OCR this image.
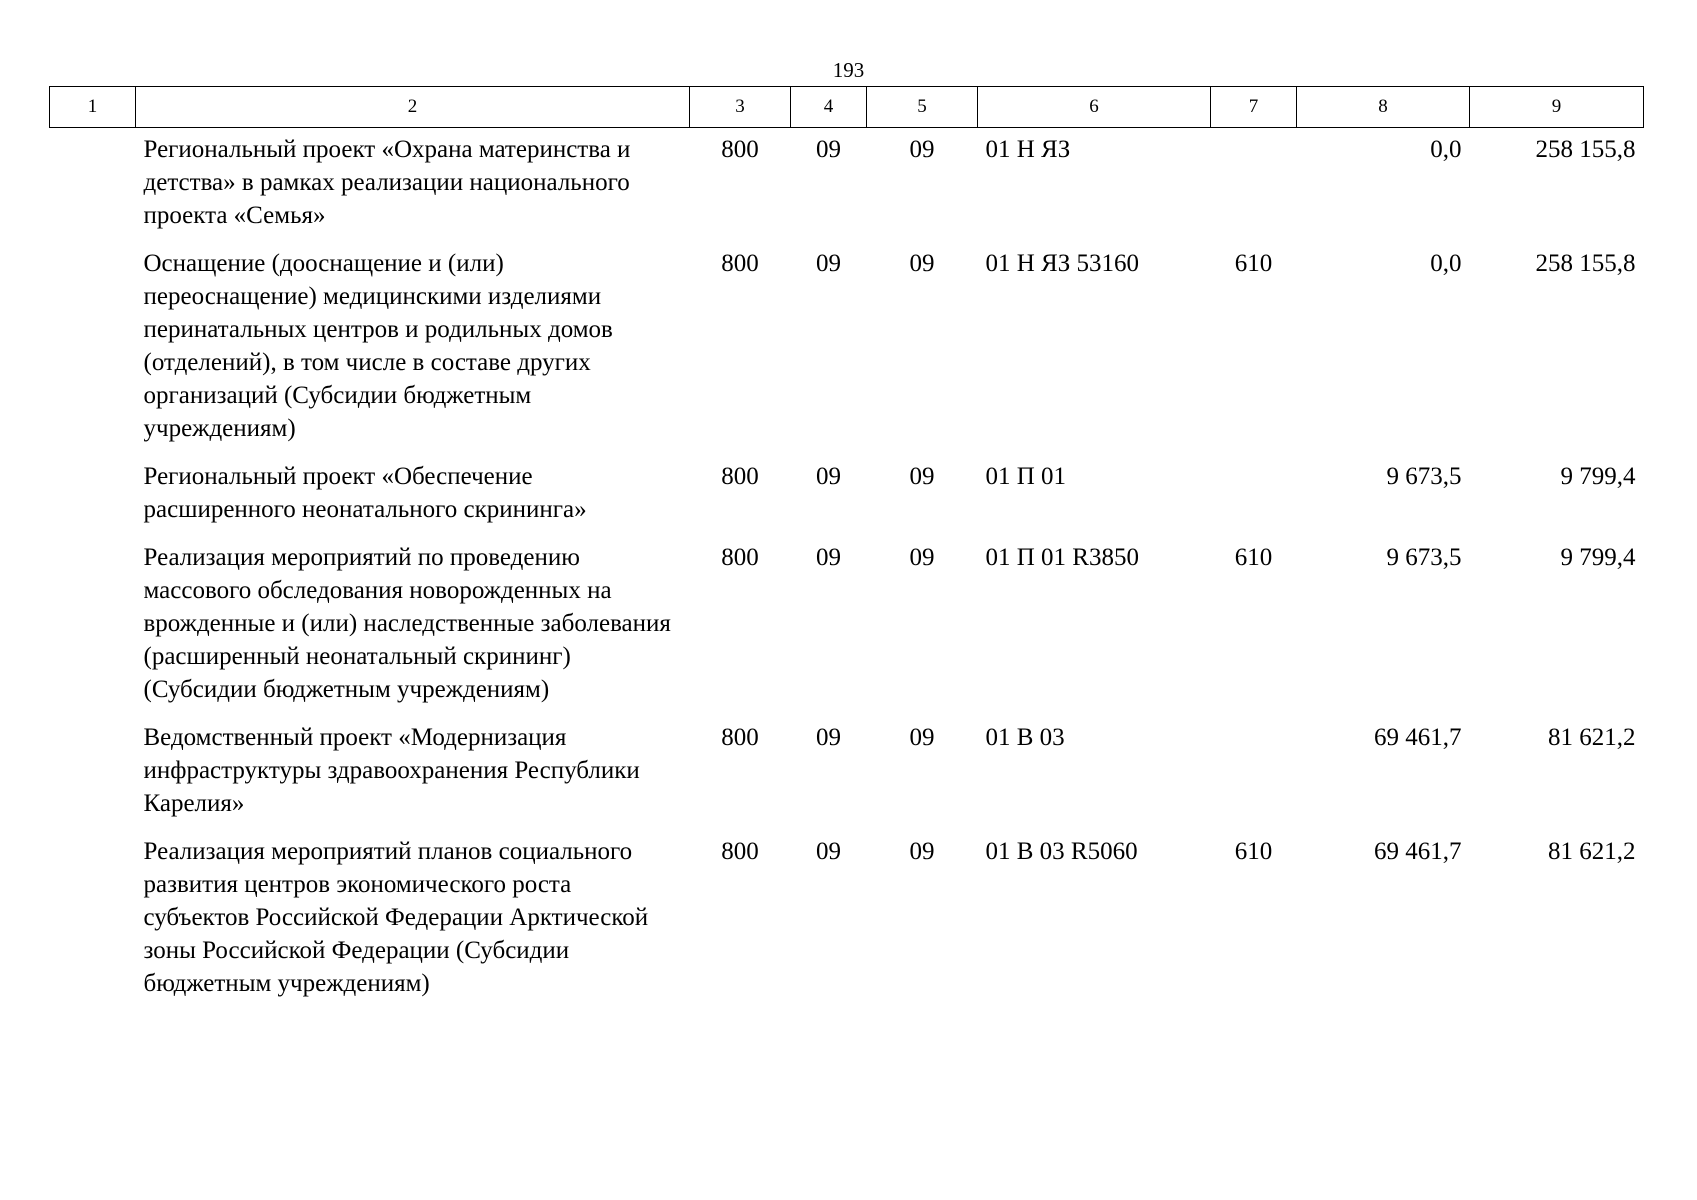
193
1	2	3	4	5	6	7	8	9
	Региональный проект «Охрана материнства и детства» в рамках реализации национального проекта «Семья»	800	09	09	01 Н ЯЗ		0,0	258 155,8
	Оснащение (дооснащение и (или) переоснащение) медицинскими изделиями перинатальных центров и родильных домов (отделений), в том числе в составе других организаций (Субсидии бюджетным учреждениям)	800	09	09	01 Н ЯЗ 53160	610	0,0	258 155,8
	Региональный проект «Обеспечение расширенного неонатального скрининга»	800	09	09	01 П 01		9 673,5	9 799,4
	Реализация мероприятий по проведению массового обследования новорожденных на врожденные и (или) наследственные заболевания (расширенный неонатальный скрининг) (Субсидии бюджетным учреждениям)	800	09	09	01 П 01 R3850	610	9 673,5	9 799,4
	Ведомственный проект «Модернизация инфраструктуры здравоохранения Республики Карелия»	800	09	09	01 В 03		69 461,7	81 621,2
	Реализация мероприятий планов социального развития центров экономического роста субъектов Российской Федерации Арктической зоны Российской Федерации (Субсидии бюджетным учреждениям)	800	09	09	01 В 03 R5060	610	69 461,7	81 621,2
